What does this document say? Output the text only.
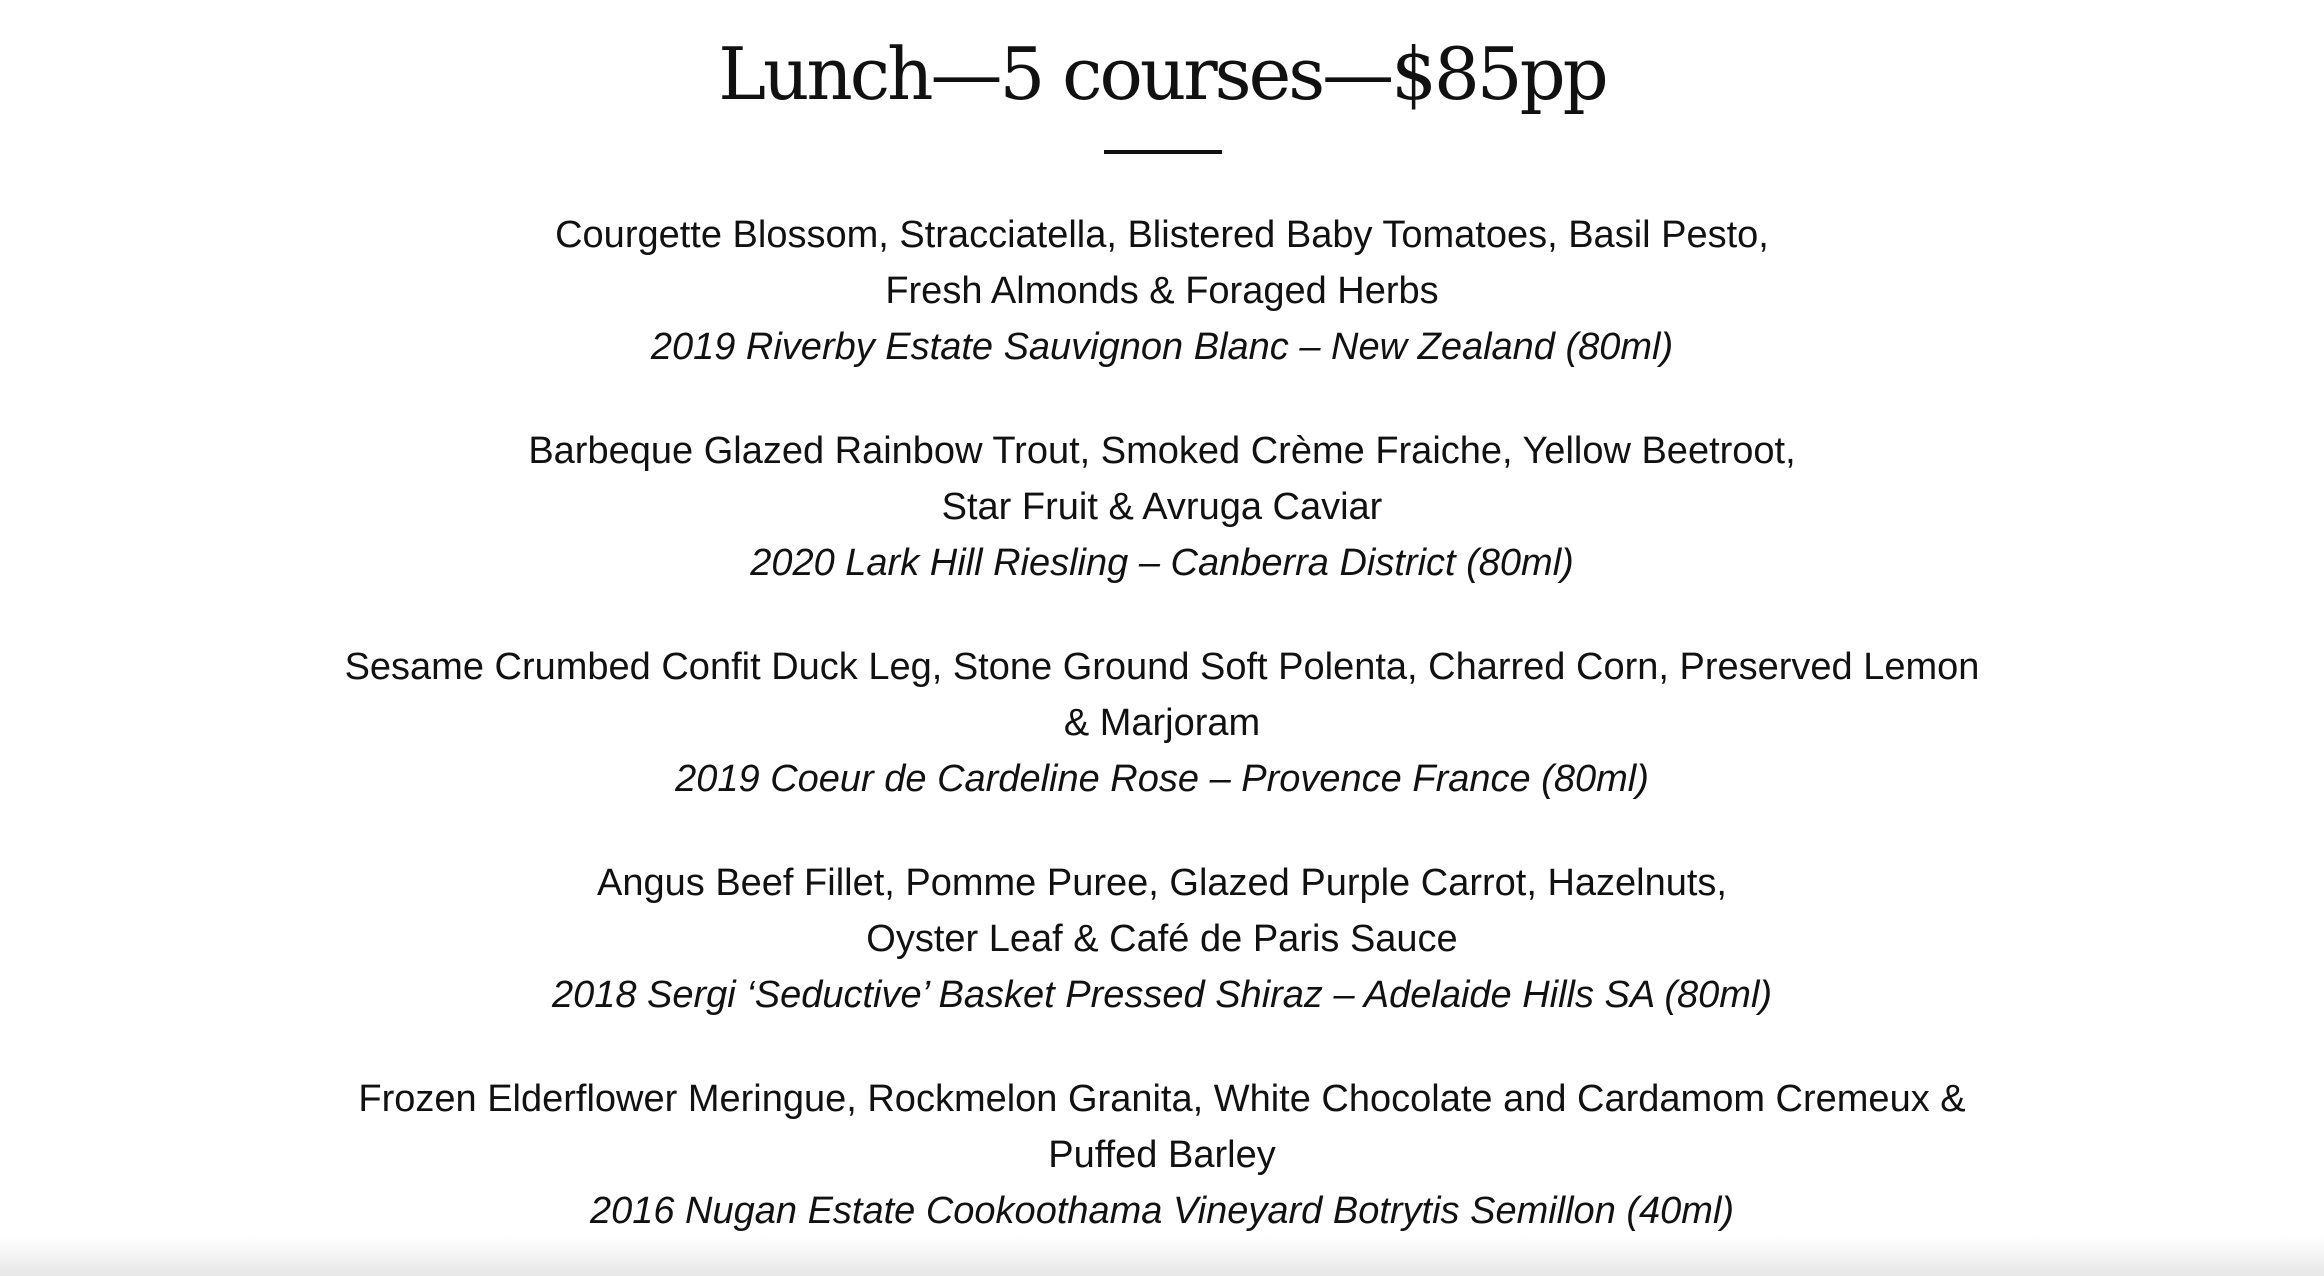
Lunch—5 courses—$85pp
Courgette Blossom, Stracciatella, Blistered Baby Tomatoes, Basil Pesto,
Fresh Almonds & Foraged Herbs
2019 Riverby Estate Sauvignon Blanc – New Zealand (80ml)
Barbeque Glazed Rainbow Trout, Smoked Crème Fraiche, Yellow Beetroot,
Star Fruit & Avruga Caviar
2020 Lark Hill Riesling – Canberra District (80ml)
Sesame Crumbed Confit Duck Leg, Stone Ground Soft Polenta, Charred Corn, Preserved Lemon
& Marjoram
2019 Coeur de Cardeline Rose – Provence France (80ml)
Angus Beef Fillet, Pomme Puree, Glazed Purple Carrot, Hazelnuts,
Oyster Leaf & Café de Paris Sauce
2018 Sergi ‘Seductive’ Basket Pressed Shiraz – Adelaide Hills SA (80ml)
Frozen Elderflower Meringue, Rockmelon Granita, White Chocolate and Cardamom Cremeux &
Puffed Barley
2016 Nugan Estate Cookoothama Vineyard Botrytis Semillon (40ml)
